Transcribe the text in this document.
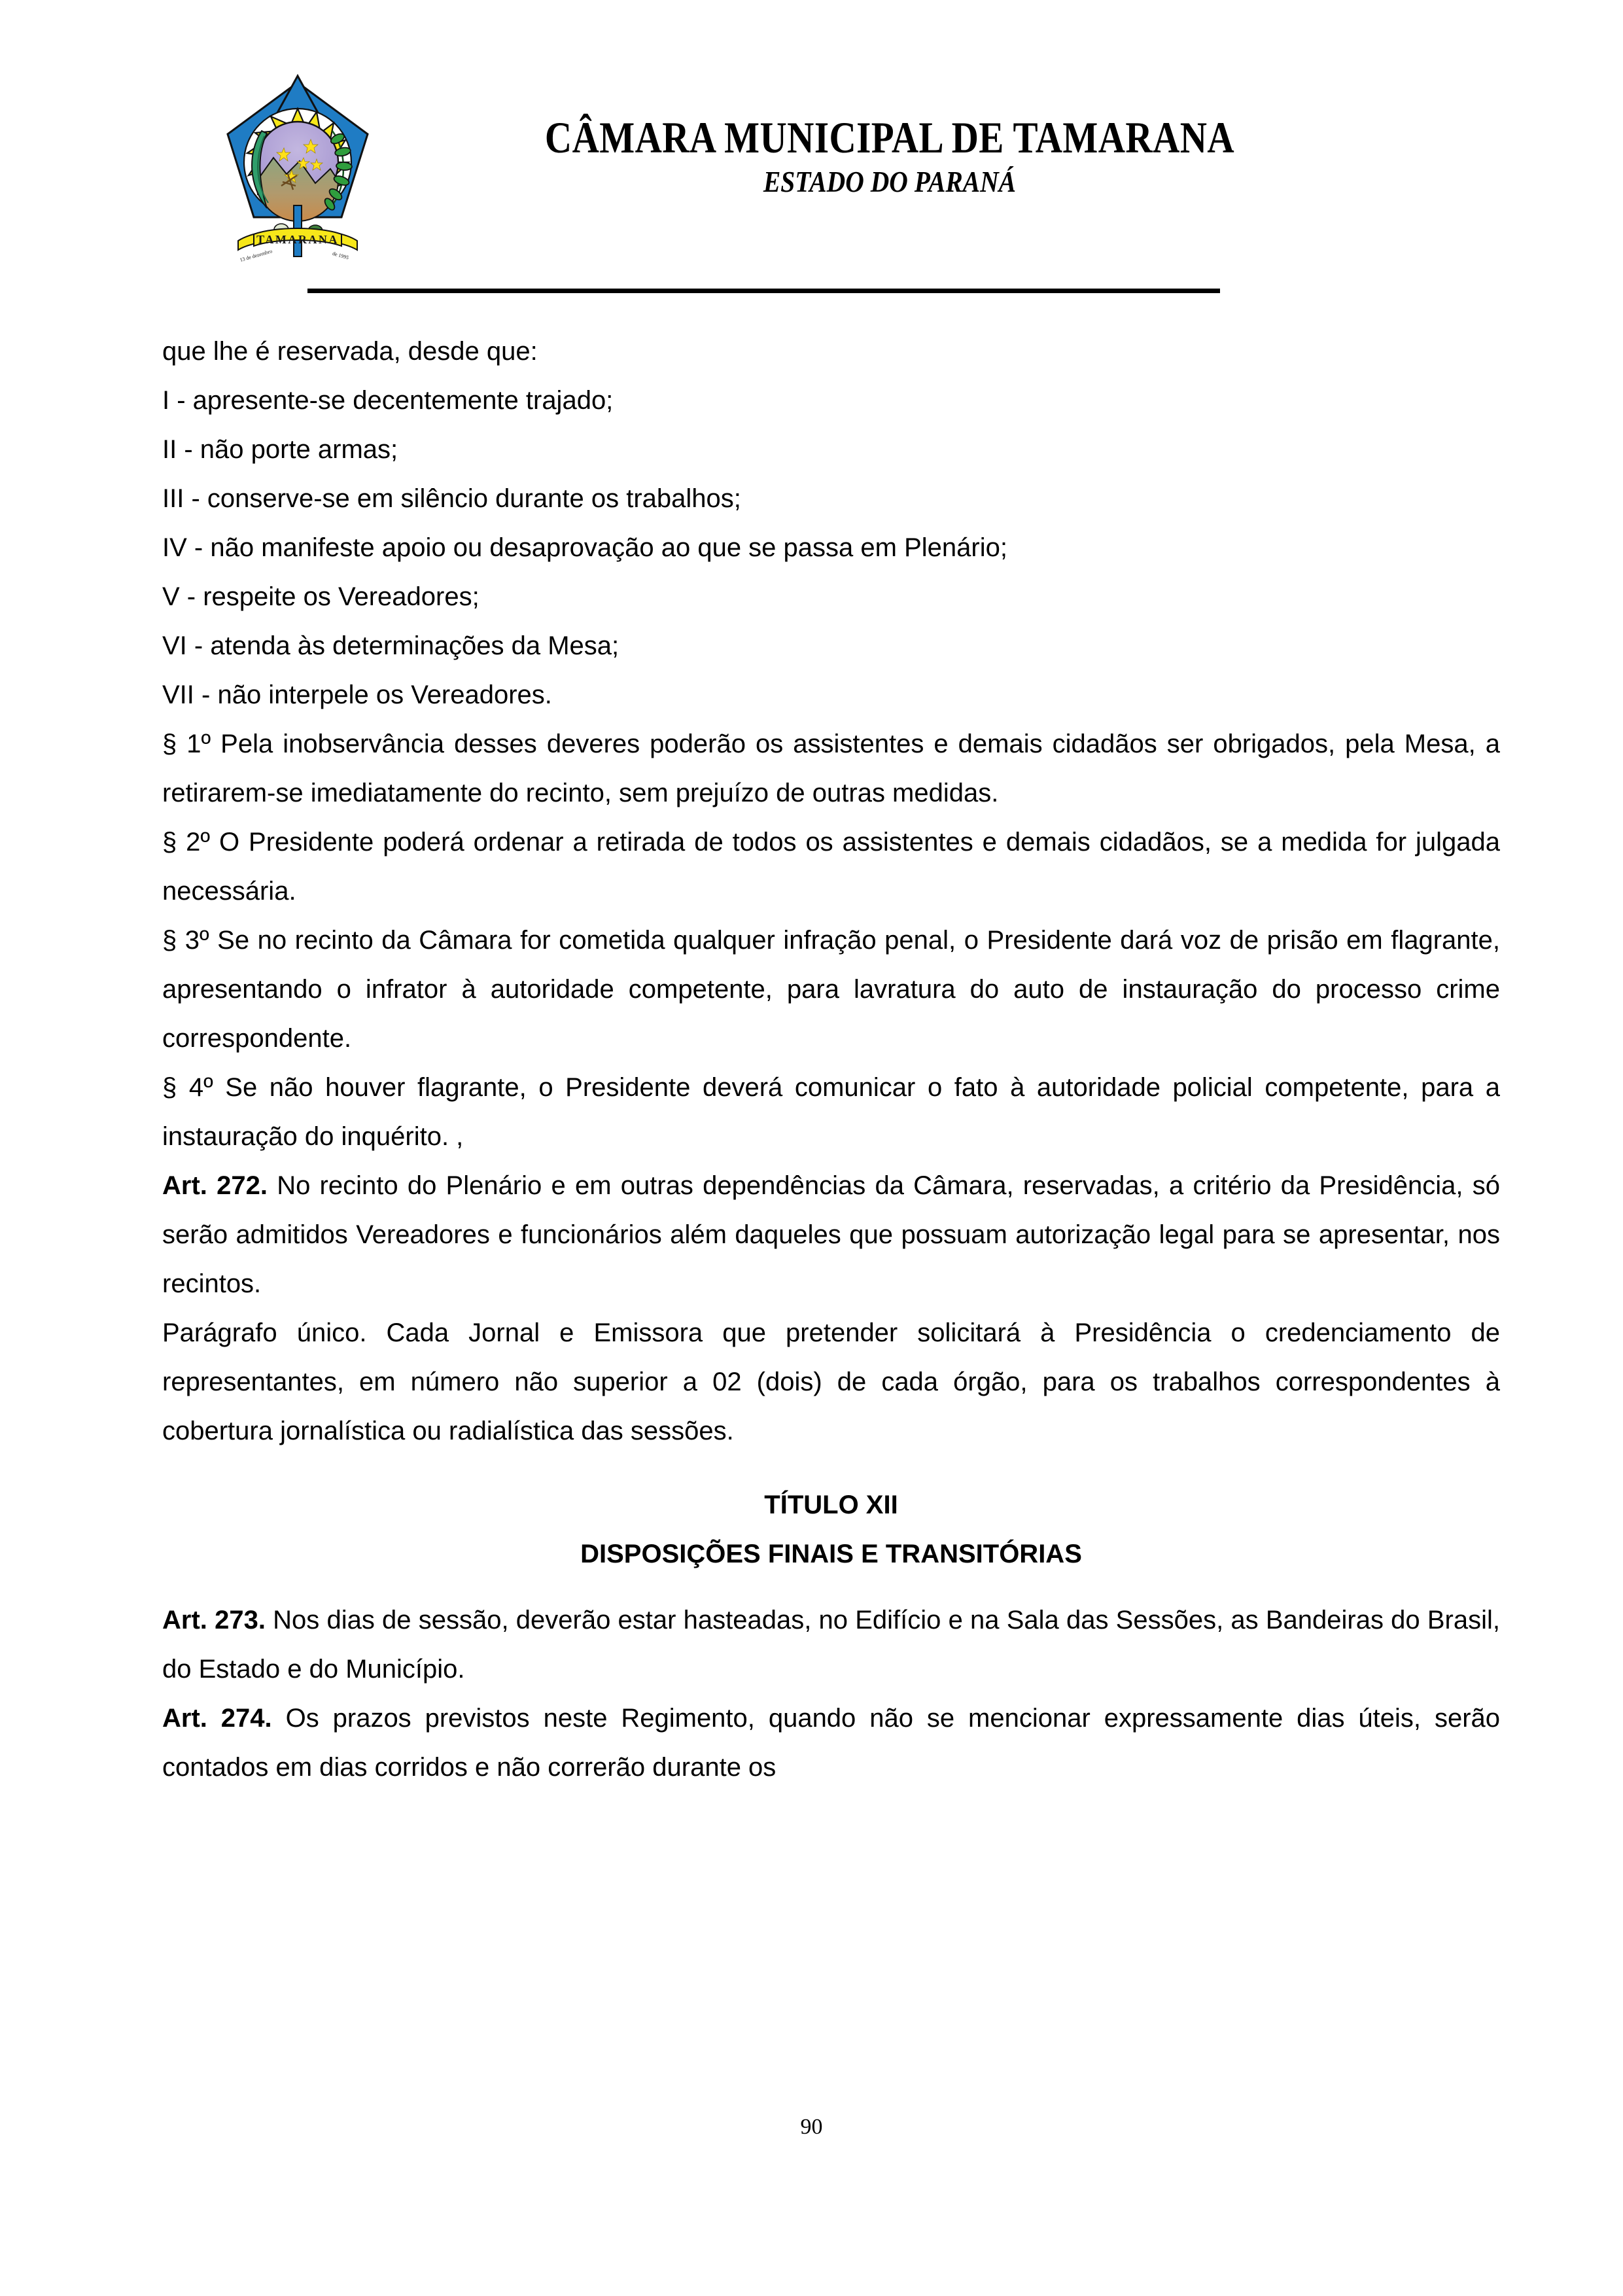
TAMARANA
13 de dezembro	de 1995
CÂMARA MUNICIPAL DE TAMARANA
ESTADO DO PARANÁ

que lhe é reservada, desde que:

I - apresente-se decentemente trajado;

II - não porte armas;

III - conserve-se em silêncio durante os trabalhos;

IV - não manifeste apoio ou desaprovação ao que se passa em Plenário;

V - respeite os Vereadores;

VI - atenda às determinações da Mesa;

VII - não interpele os Vereadores.

§ 1º Pela inobservância desses deveres poderão os assistentes e demais cidadãos ser obrigados, pela Mesa, a retirarem-se imediatamente do recinto, sem prejuízo de outras medidas.

§ 2º O Presidente poderá ordenar a retirada de todos os assistentes e demais cidadãos, se a medida for julgada necessária.

§ 3º Se no recinto da Câmara for cometida qualquer infração penal, o Presidente dará voz de prisão em flagrante, apresentando o infrator à autoridade competente, para lavratura do auto de instauração do processo crime correspondente.

§ 4º Se não houver flagrante, o Presidente deverá comunicar o fato à autoridade policial competente, para a instauração do inquérito. ,

Art. 272. No recinto do Plenário e em outras dependências da Câmara, reservadas, a critério da Presidência, só serão admitidos Vereadores e funcionários além daqueles que possuam autorização legal para se apresentar, nos recintos.

Parágrafo único. Cada Jornal e Emissora que pretender solicitará à Presidência o credenciamento de representantes, em número não superior a 02 (dois) de cada órgão, para os trabalhos correspondentes à cobertura jornalística ou radialística das sessões.

TÍTULO XII
DISPOSIÇÕES FINAIS E TRANSITÓRIAS

Art. 273. Nos dias de sessão, deverão estar hasteadas, no Edifício e na Sala das Sessões, as Bandeiras do Brasil, do Estado e do Município.

Art. 274. Os prazos previstos neste Regimento, quando não se mencionar expressamente dias úteis, serão contados em dias corridos e não correrão durante os

90
